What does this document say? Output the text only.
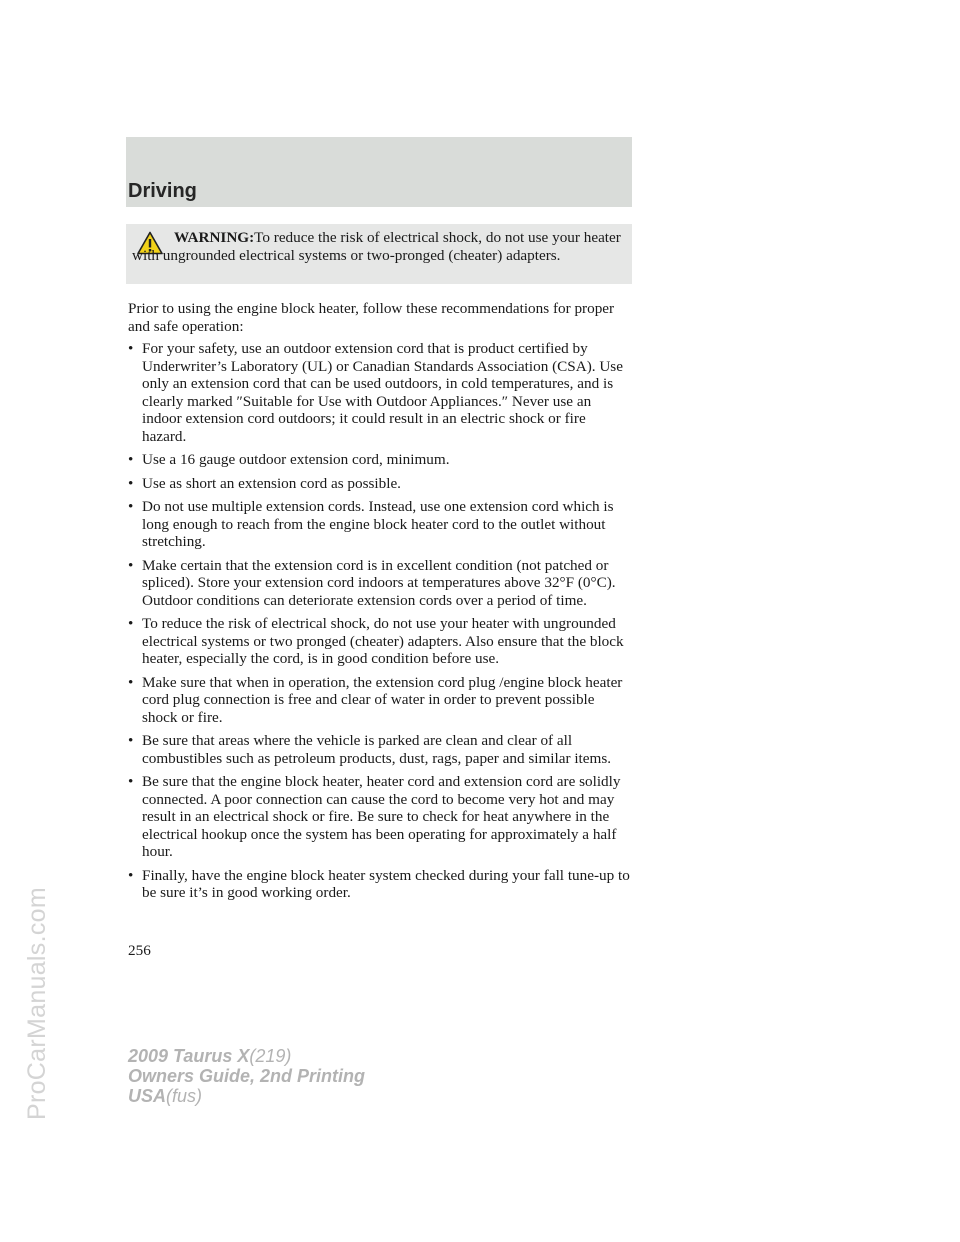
Driving
WARNING:To reduce the risk of electrical shock, do not use your heater with ungrounded electrical systems or two-pronged (cheater) adapters.

Prior to using the engine block heater, follow these recommendations for proper and safe operation:

• For your safety, use an outdoor extension cord that is product certified by Underwriter’s Laboratory (UL) or Canadian Standards Association (CSA). Use only an extension cord that can be used outdoors, in cold temperatures, and is clearly marked ″Suitable for Use with Outdoor Appliances.″ Never use an indoor extension cord outdoors; it could result in an electric shock or fire hazard.
• Use a 16 gauge outdoor extension cord, minimum.
• Use as short an extension cord as possible.
• Do not use multiple extension cords. Instead, use one extension cord which is long enough to reach from the engine block heater cord to the outlet without stretching.
• Make certain that the extension cord is in excellent condition (not patched or spliced). Store your extension cord indoors at temperatures above 32°F (0°C). Outdoor conditions can deteriorate extension cords over a period of time.
• To reduce the risk of electrical shock, do not use your heater with ungrounded electrical systems or two pronged (cheater) adapters. Also ensure that the block heater, especially the cord, is in good condition before use.
• Make sure that when in operation, the extension cord plug /engine block heater cord plug connection is free and clear of water in order to prevent possible shock or fire.
• Be sure that areas where the vehicle is parked are clean and clear of all combustibles such as petroleum products, dust, rags, paper and similar items.
• Be sure that the engine block heater, heater cord and extension cord are solidly connected. A poor connection can cause the cord to become very hot and may result in an electrical shock or fire. Be sure to check for heat anywhere in the electrical hookup once the system has been operating for approximately a half hour.
• Finally, have the engine block heater system checked during your fall tune-up to be sure it’s in good working order.
256
2009 Taurus X(219)
Owners Guide, 2nd Printing
USA(fus)
ProCarManuals.com
